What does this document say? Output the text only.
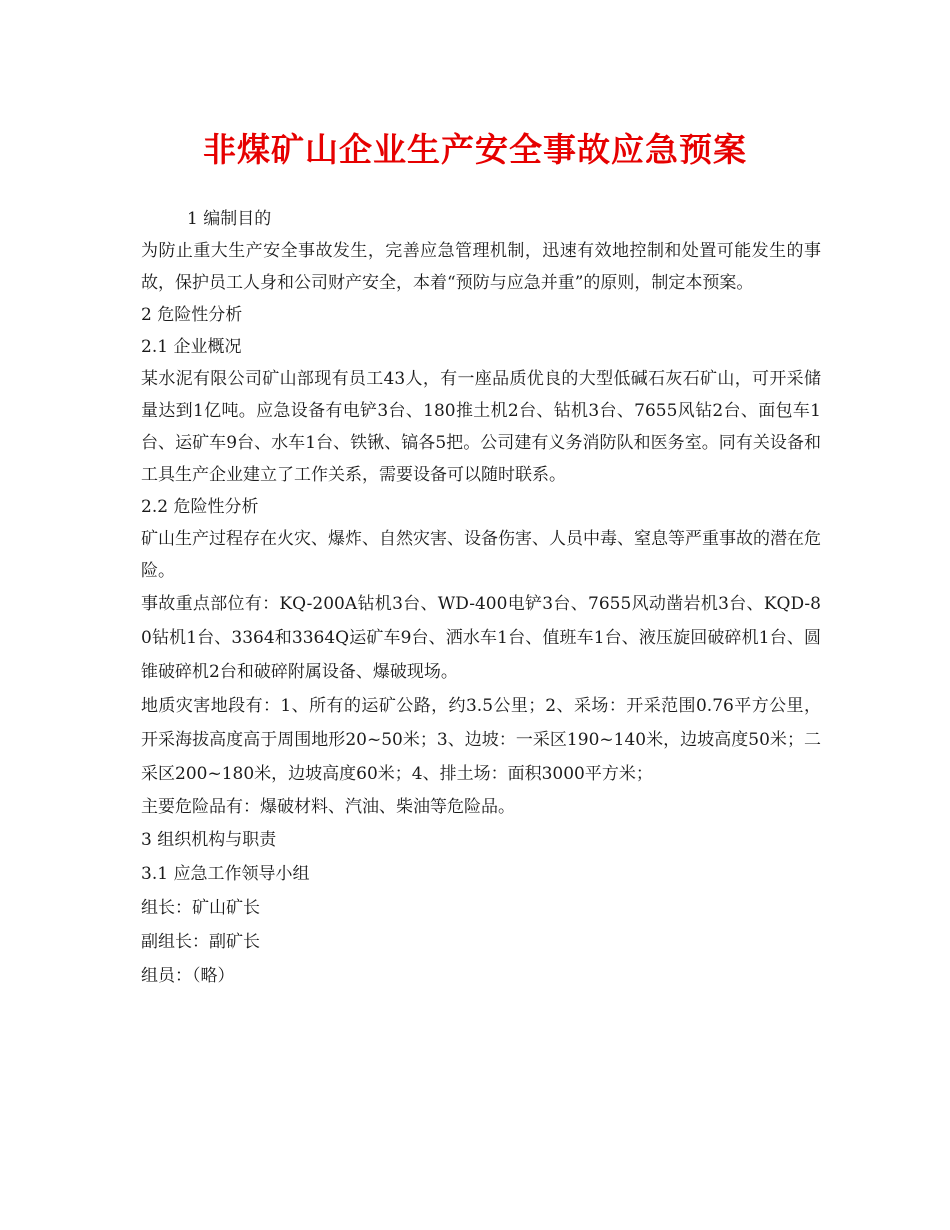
非煤矿山企业生产安全事故应急预案

1 编制目的

为防止重大生产安全事故发生，完善应急管理机制，迅速有效地控制和处置可能发生的事故，保护员工人身和公司财产安全，本着“预防与应急并重”的原则，制定本预案。

2 危险性分析

2.1 企业概况

某水泥有限公司矿山部现有员工43人，有一座品质优良的大型低碱石灰石矿山，可开采储量达到1亿吨。应急设备有电铲3台、180推土机2台、钻机3台、7655风钻2台、面包车1台、运矿车9台、水车1台、铁锹、镐各5把。公司建有义务消防队和医务室。同有关设备和工具生产企业建立了工作关系，需要设备可以随时联系。

2.2 危险性分析

矿山生产过程存在火灾、爆炸、自然灾害、设备伤害、人员中毒、窒息等严重事故的潜在危险。

事故重点部位有：KQ-200A钻机3台、WD-400电铲3台、7655风动凿岩机3台、KQD-80钻机1台、3364和3364Q运矿车9台、洒水车1台、值班车1台、液压旋回破碎机1台、圆锥破碎机2台和破碎附属设备、爆破现场。

地质灾害地段有：1、所有的运矿公路，约3.5公里；2、采场：开采范围0.76平方公里，开采海拔高度高于周围地形20~50米；3、边坡：一采区190~140米，边坡高度50米；二采区200~180米，边坡高度60米；4、排土场：面积3000平方米；

主要危险品有：爆破材料、汽油、柴油等危险品。

3 组织机构与职责

3.1 应急工作领导小组

组长：矿山矿长

副组长：副矿长

组员：（略）
